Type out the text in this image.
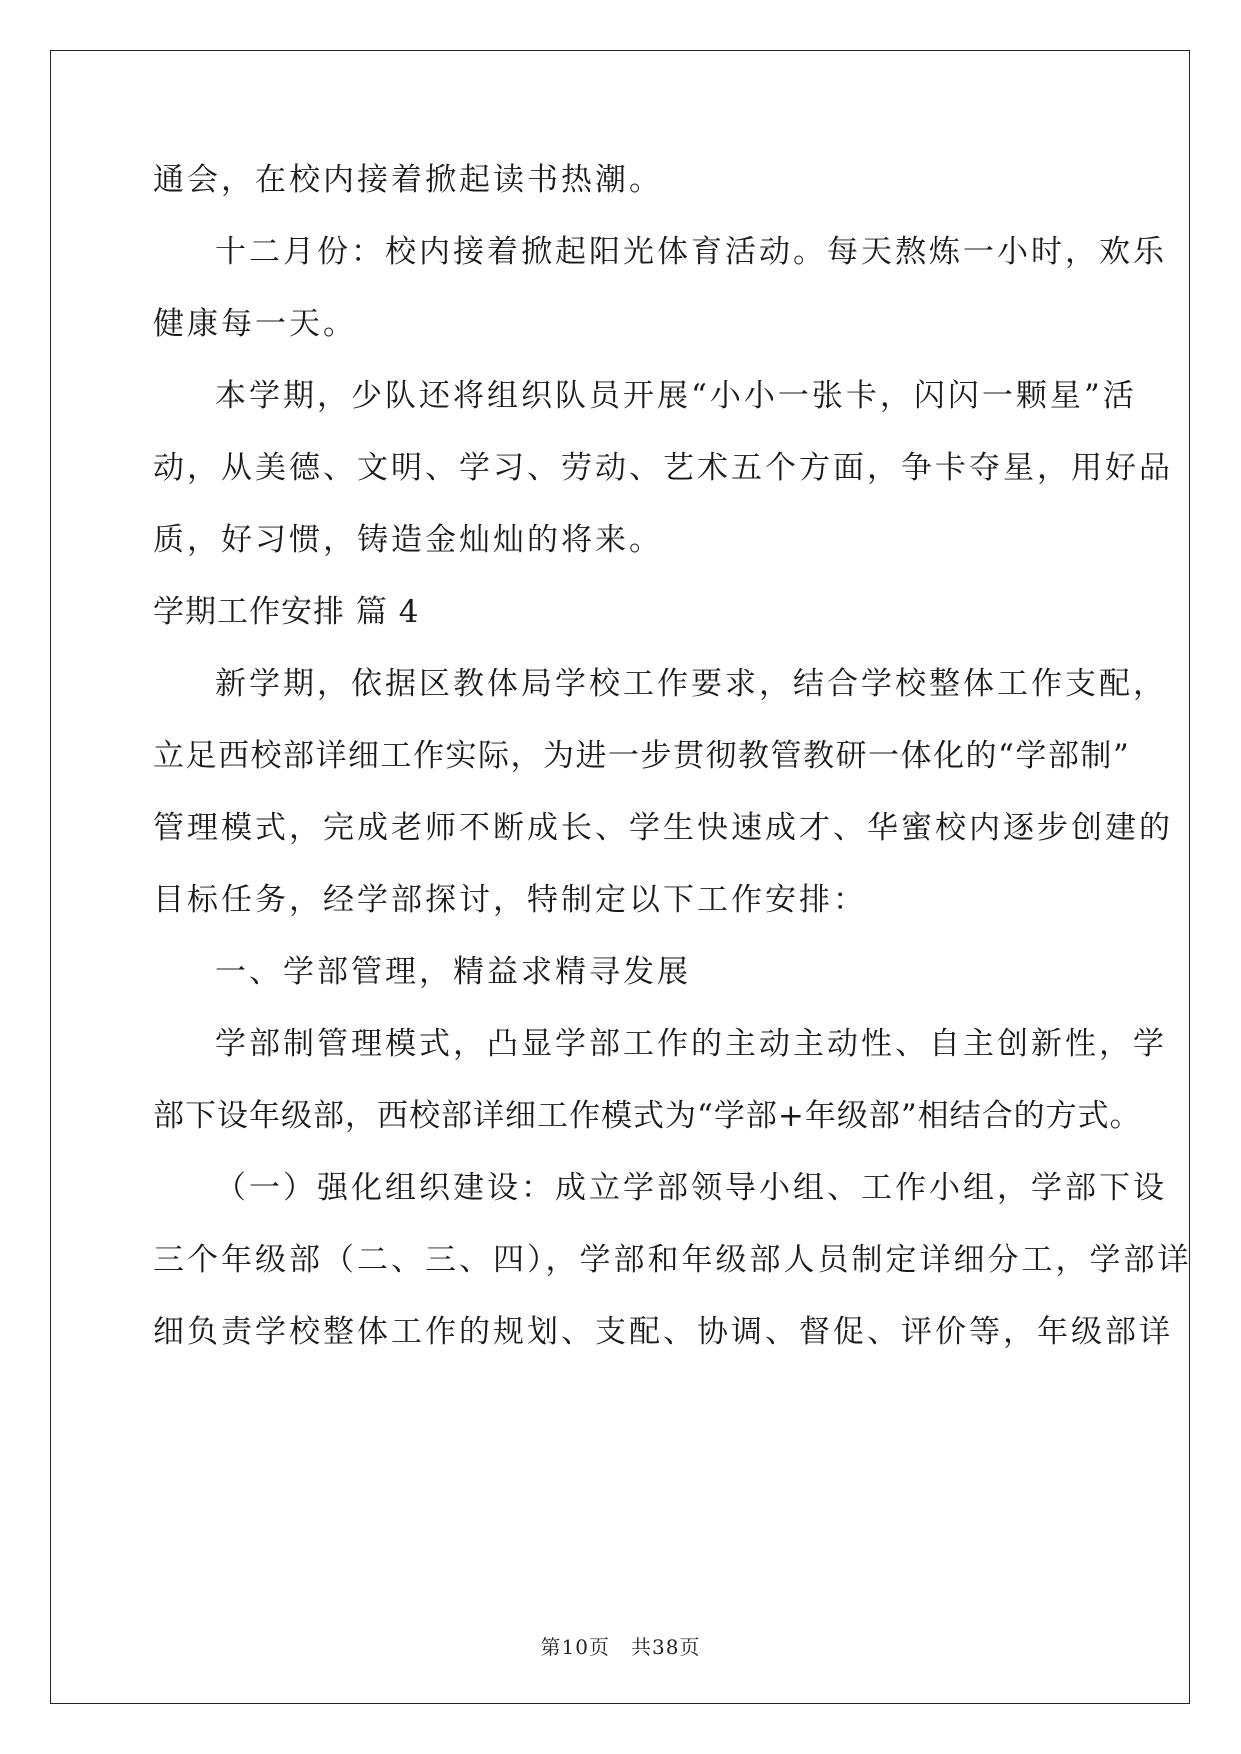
通会，在校内接着掀起读书热潮。
十二月份：校内接着掀起阳光体育活动。每天熬炼一小时，欢乐
健康每一天。
本学期，少队还将组织队员开展“小小一张卡，闪闪一颗星”活
动，从美德、文明、学习、劳动、艺术五个方面，争卡夺星，用好品
质，好习惯，铸造金灿灿的将来。
学期工作安排 篇 4
新学期，依据区教体局学校工作要求，结合学校整体工作支配，
立足西校部详细工作实际，为进一步贯彻教管教研一体化的“学部制”
管理模式，完成老师不断成长、学生快速成才、华蜜校内逐步创建的
目标任务，经学部探讨，特制定以下工作安排：
一、学部管理，精益求精寻发展
学部制管理模式，凸显学部工作的主动主动性、自主创新性，学
部下设年级部，西校部详细工作模式为“学部+年级部”相结合的方式。
（一）强化组织建设：成立学部领导小组、工作小组，学部下设
三个年级部（二、三、四），学部和年级部人员制定详细分工，学部详
细负责学校整体工作的规划、支配、协调、督促、评价等，年级部详
第10页　共38页
